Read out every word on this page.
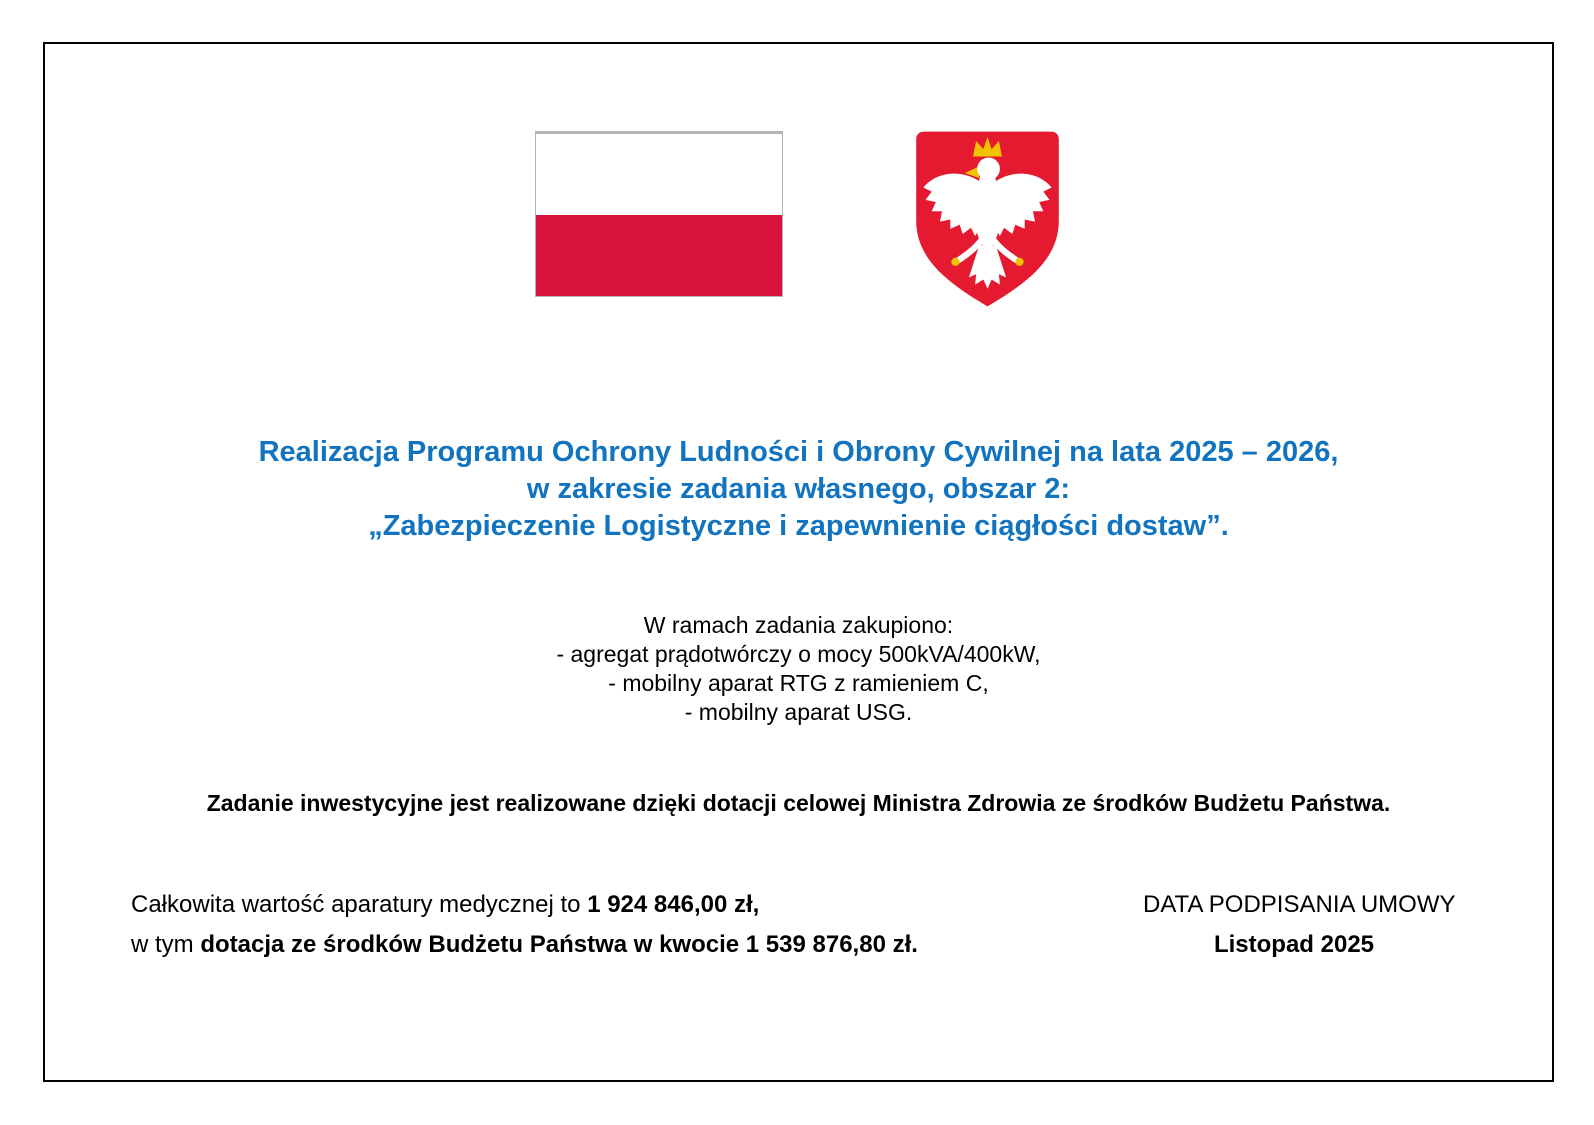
Realizacja Programu Ochrony Ludności i Obrony Cywilnej na lata 2025 – 2026,
w zakresie zadania własnego, obszar 2:
„Zabezpieczenie Logistyczne i zapewnienie ciągłości dostaw”.
W ramach zadania zakupiono:
- agregat prądotwórczy o mocy 500kVA/400kW,
- mobilny aparat RTG z ramieniem C,
- mobilny aparat USG.
Zadanie inwestycyjne jest realizowane dzięki dotacji celowej Ministra Zdrowia ze środków Budżetu Państwa.
Całkowita wartość aparatury medycznej to 1 924 846,00 zł,
w tym dotacja ze środków Budżetu Państwa w kwocie 1 539 876,80 zł.
DATA PODPISANIA UMOWY
Listopad 2025
